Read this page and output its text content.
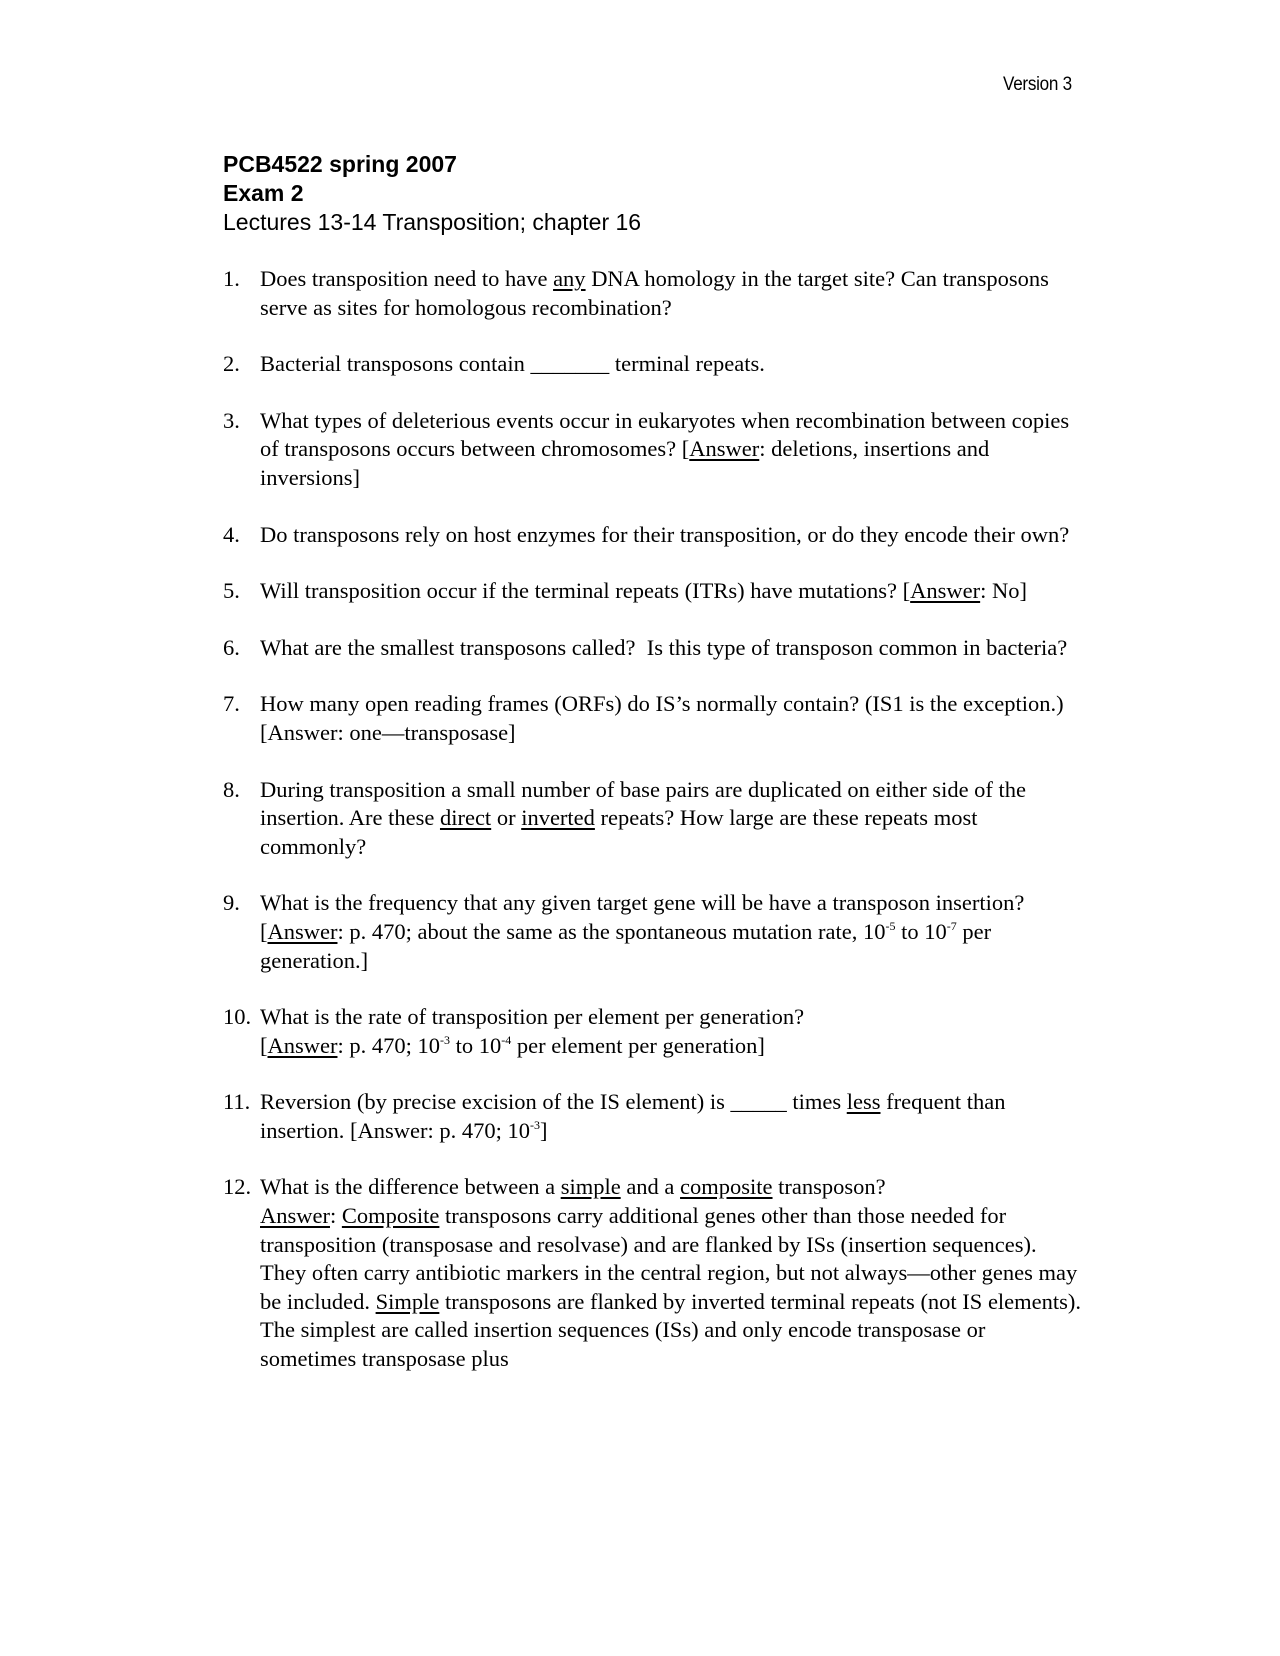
Version 3
PCB4522 spring 2007
Exam 2
Lectures 13-14 Transposition; chapter 16
1. Does transposition need to have any DNA homology in the target site? Can transposons serve as sites for homologous recombination?
2. Bacterial transposons contain _______ terminal repeats.
3. What types of deleterious events occur in eukaryotes when recombination between copies of transposons occurs between chromosomes? [Answer: deletions, insertions and inversions]
4. Do transposons rely on host enzymes for their transposition, or do they encode their own?
5. Will transposition occur if the terminal repeats (ITRs) have mutations? [Answer: No]
6. What are the smallest transposons called?  Is this type of transposon common in bacteria?
7. How many open reading frames (ORFs) do IS’s normally contain? (IS1 is the exception.) [Answer: one—transposase]
8. During transposition a small number of base pairs are duplicated on either side of the insertion. Are these direct or inverted repeats? How large are these repeats most commonly?
9. What is the frequency that any given target gene will be have a transposon insertion? [Answer: p. 470; about the same as the spontaneous mutation rate, $10^{-5}$ to $10^{-7}$ per generation.]
10. What is the rate of transposition per element per generation?
[Answer: p. 470; $10^{-3}$ to $10^{-4}$ per element per generation]
11. Reversion (by precise excision of the IS element) is _____ times less frequent than insertion. [Answer: p. 470; $10^{-3}$]
12. What is the difference between a simple and a composite transposon?
Answer: Composite transposons carry additional genes other than those needed for transposition (transposase and resolvase) and are flanked by ISs (insertion sequences). They often carry antibiotic markers in the central region, but not always—other genes may be included. Simple transposons are flanked by inverted terminal repeats (not IS elements). The simplest are called insertion sequences (ISs) and only encode transposase or sometimes transposase plus
